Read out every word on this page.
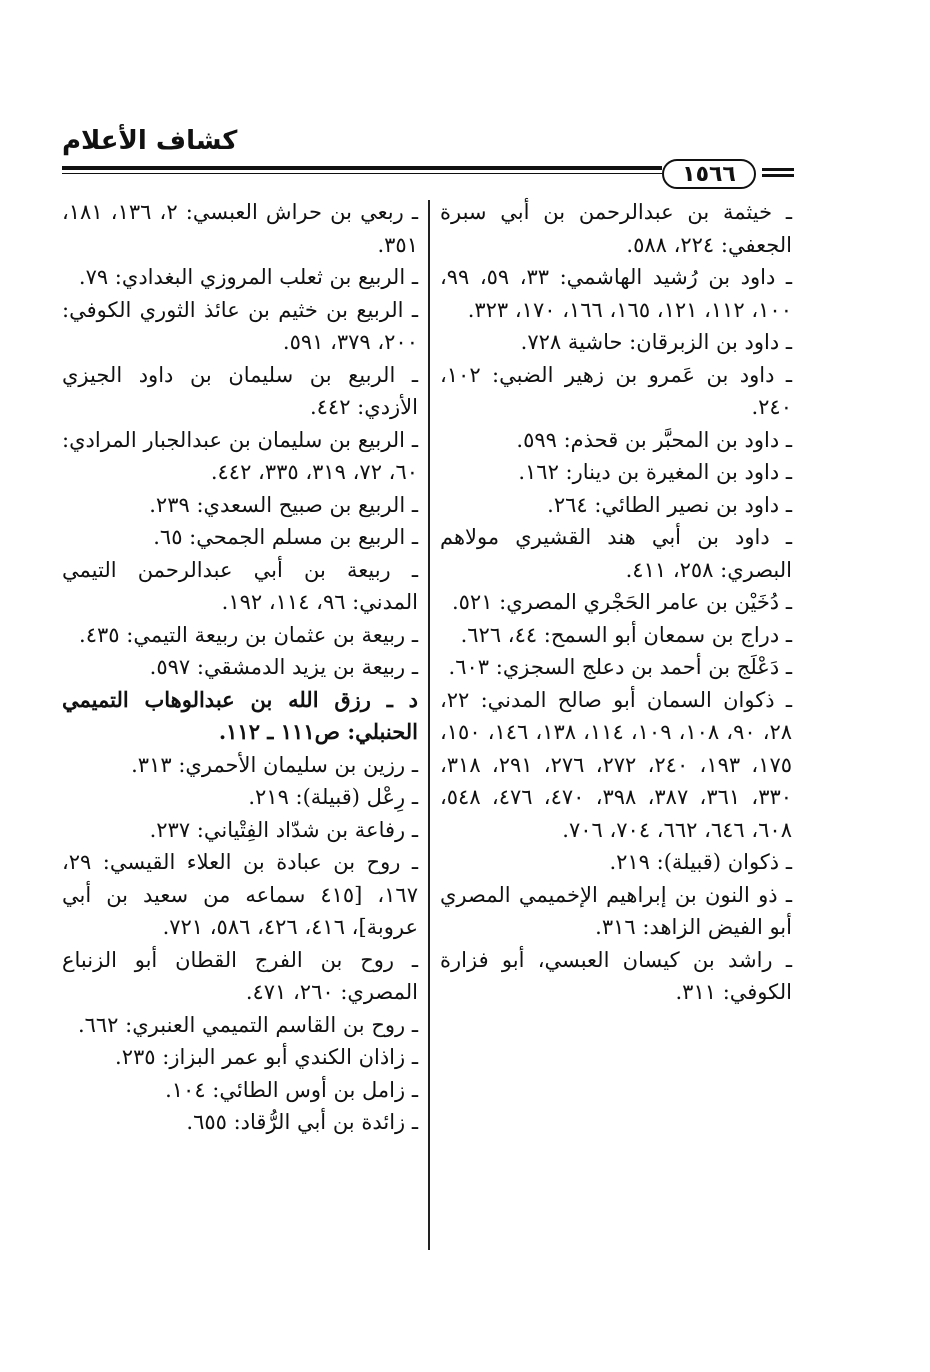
كشاف الأعلام
١٥٦٦

ـ خيثمة بن عبدالرحمن بن أبي سبرة الجعفي: ٢٢٤، ٥٨٨.

ـ داود بن رُشيد الهاشمي: ٣٣، ٥٩، ٩٩، ١٠٠، ١١٢، ١٢١، ١٦٥، ١٦٦، ١٧٠، ٣٢٣.

ـ داود بن الزبرقان: حاشية ٧٢٨.

ـ داود بن عَمرو بن زهير الضبي: ١٠٢، ٢٤٠.

ـ داود بن المحبَّر بن قحذم: ٥٩٩.

ـ داود بن المغيرة بن دينار: ١٦٢.

ـ داود بن نصير الطائي: ٢٦٤.

ـ داود بن أبي هند القشيري مولاهم البصري: ٢٥٨، ٤١١.

ـ دُخَيْن بن عامر الحَجْري المصري: ٥٢١.

ـ دراج بن سمعان أبو السمح: ٤٤، ٦٢٦.

ـ دَعْلَج بن أحمد بن دعلج السجزي: ٦٠٣.

ـ ذكوان السمان أبو صالح المدني: ٢٢، ٢٨، ٩٠، ١٠٨، ١٠٩، ١١٤، ١٣٨، ١٤٦، ١٥٠، ١٧٥، ١٩٣، ٢٤٠، ٢٧٢، ٢٧٦، ٢٩١، ٣١٨، ٣٣٠، ٣٦١، ٣٨٧، ٣٩٨، ٤٧٠، ٤٧٦، ٥٤٨، ٦٠٨، ٦٤٦، ٦٦٢، ٧٠٤، ٧٠٦.

ـ ذكوان (قبيلة): ٢١٩.

ـ ذو النون بن إبراهيم الإخميمي المصري أبو الفيض الزاهد: ٣١٦.

ـ راشد بن كيسان العبسي، أبو فزارة الكوفي: ٣١١.

ـ ربعي بن حراش العبسي: ٢، ١٣٦، ١٨١، ٣٥١.

ـ الربيع بن ثعلب المروزي البغدادي: ٧٩.

ـ الربيع بن خثيم بن عائذ الثوري الكوفي: ٢٠٠، ٣٧٩، ٥٩١.

ـ الربيع بن سليمان بن داود الجيزي الأزدي: ٤٤٢.

ـ الربيع بن سليمان بن عبدالجبار المرادي: ٦٠، ٧٢، ٣١٩، ٣٣٥، ٤٤٢.

ـ الربيع بن صبيح السعدي: ٢٣٩.

ـ الربيع بن مسلم الجمحي: ٦٥.

ـ ربيعة بن أبي عبدالرحمن التيمي المدني: ٩٦، ١١٤، ١٩٢.

ـ ربيعة بن عثمان بن ربيعة التيمي: ٤٣٥.

ـ ربيعة بن يزيد الدمشقي: ٥٩٧.

د ـ رزق الله بن عبدالوهاب التميمي الحنبلي: ص١١١ ـ ١١٢.

ـ رزين بن سليمان الأحمري: ٣١٣.

ـ رِعْل (قبيلة): ٢١٩.

ـ رفاعة بن شدّاد الفِتْياني: ٢٣٧.

ـ روح بن عبادة بن العلاء القيسي: ٢٩، ١٦٧، [٤١٥ سماعه من سعيد بن أبي عروبة]، ٤١٦، ٤٢٦، ٥٨٦، ٧٢١.

ـ روح بن الفرج القطان أبو الزنباع المصري: ٢٦٠، ٤٧١.

ـ روح بن القاسم التميمي العنبري: ٦٦٢.

ـ زاذان الكندي أبو عمر البزاز: ٢٣٥.

ـ زامل بن أوس الطائي: ١٠٤.

ـ زائدة بن أبي الرُّقاد: ٦٥٥.
